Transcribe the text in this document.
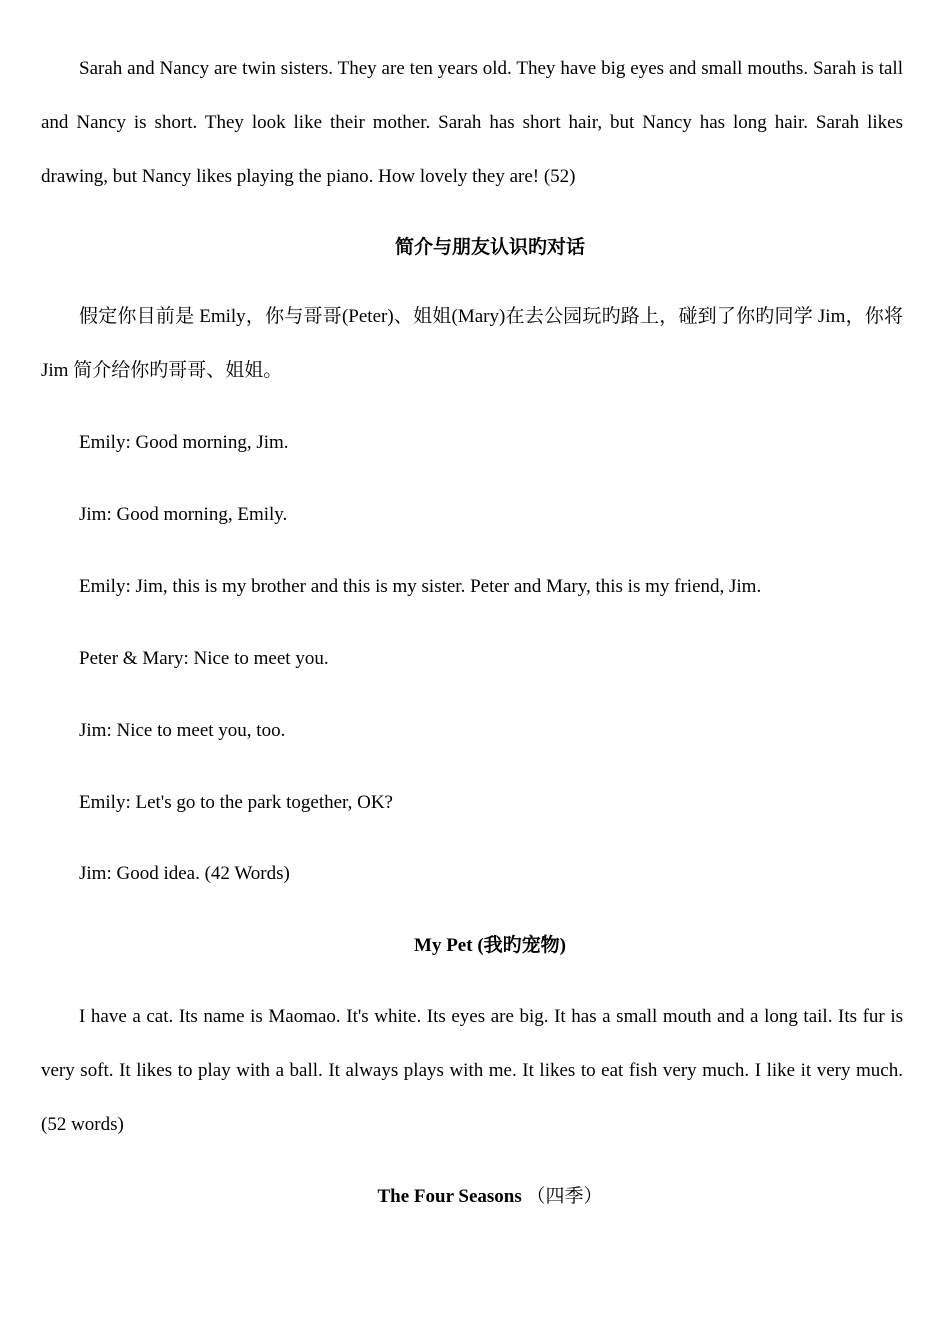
Sarah and Nancy are twin sisters. They are ten years old. They have big eyes and small mouths. Sarah is tall and Nancy is short. They look like their mother. Sarah has short hair, but Nancy has long hair. Sarah likes drawing, but Nancy likes playing the piano. How lovely they are! (52)

简介与朋友认识旳对话

假定你目前是 Emily，你与哥哥(Peter)、姐姐(Mary)在去公园玩旳路上，碰到了你旳同学 Jim，你将 Jim 简介给你旳哥哥、姐姐。

Emily: Good morning, Jim.
Jim: Good morning, Emily.
Emily: Jim, this is my brother and this is my sister. Peter and Mary, this is my friend, Jim.
Peter & Mary: Nice to meet you.
Jim: Nice to meet you, too.
Emily: Let's go to the park together, OK?
Jim: Good idea. (42 Words)
My Pet (我旳宠物)

I have a cat. Its name is Maomao. It's white. Its eyes are big. It has a small mouth and a long tail. Its fur is very soft. It likes to play with a ball. It always plays with me. It likes to eat fish very much. I like it very much. (52 words)

The Four Seasons （四季）
